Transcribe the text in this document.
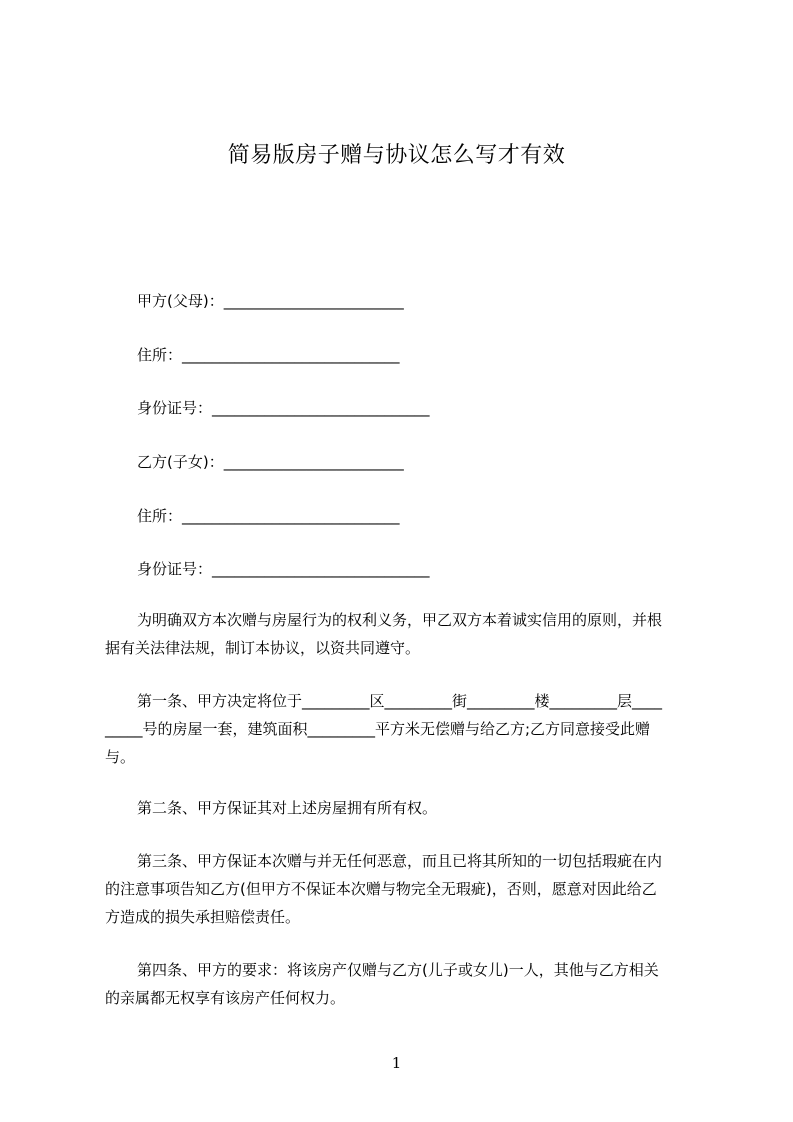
简易版房子赠与协议怎么写才有效
甲方(父母)：________________________
住所：_____________________________
身份证号：_____________________________
乙方(子女)：________________________
住所：_____________________________
身份证号：_____________________________
为明确双方本次赠与房屋行为的权利义务，甲乙双方本着诚实信用的原则，并根
据有关法律法规，制订本协议，以资共同遵守。
第一条、甲方决定将位于_________区_________街_________楼_________层____
_____号的房屋一套，建筑面积_________平方米无偿赠与给乙方;乙方同意接受此赠
与。
第二条、甲方保证其对上述房屋拥有所有权。
第三条、甲方保证本次赠与并无任何恶意，而且已将其所知的一切包括瑕疵在内
的注意事项告知乙方(但甲方不保证本次赠与物完全无瑕疵)，否则，愿意对因此给乙
方造成的损失承担赔偿责任。
第四条、甲方的要求：将该房产仅赠与乙方(儿子或女儿)一人，其他与乙方相关
的亲属都无权享有该房产任何权力。
1
